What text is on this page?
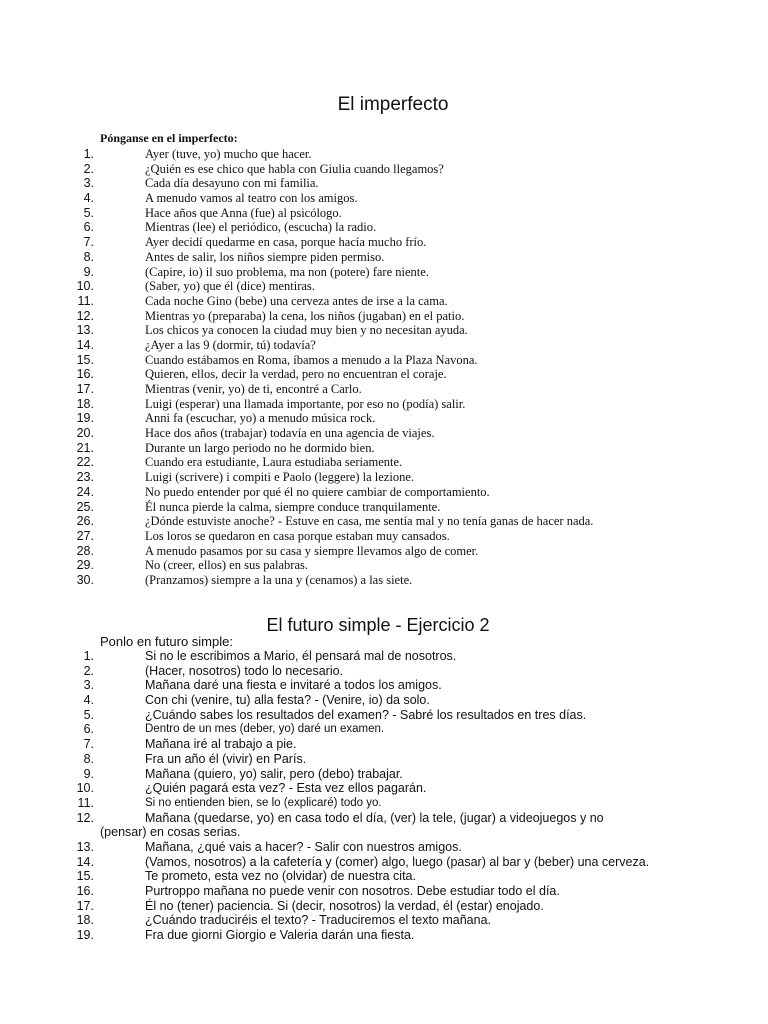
El imperfecto
Pónganse en el imperfecto:
1.	Ayer (tuve, yo) mucho que hacer.
2.	¿Quién es ese chico que habla con Giulia cuando llegamos?
3.	Cada día desayuno con mi familia.
4.	A menudo vamos al teatro con los amigos.
5.	Hace años que Anna (fue) al psicólogo.
6.	Mientras (lee) el periódico, (escucha) la radio.
7.	Ayer decidí quedarme en casa, porque hacía mucho frío.
8.	Antes de salir, los niños siempre piden permiso.
9.	(Capire, io) il suo problema, ma non (potere) fare niente.
10.	(Saber, yo) que él (dice) mentiras.
11.	Cada noche Gino (bebe) una cerveza antes de irse a la cama.
12.	Mientras yo (preparaba) la cena, los niños (jugaban) en el patio.
13.	Los chicos ya conocen la ciudad muy bien y no necesitan ayuda.
14.	¿Ayer a las 9 (dormir, tú) todavía?
15.	Cuando estábamos en Roma, íbamos a menudo a la Plaza Navona.
16.	Quieren, ellos, decir la verdad, pero no encuentran el coraje.
17.	Mientras (venir, yo) de ti, encontré a Carlo.
18.	Luigi (esperar) una llamada importante, por eso no (podía) salir.
19.	Anni fa (escuchar, yo) a menudo música rock.
20.	Hace dos años (trabajar) todavía en una agencia de viajes.
21.	Durante un largo periodo no he dormido bien.
22.	Cuando era estudiante, Laura estudiaba seriamente.
23.	Luigi (scrivere) i compiti e Paolo (leggere) la lezione.
24.	No puedo entender por qué él no quiere cambiar de comportamiento.
25.	Él nunca pierde la calma, siempre conduce tranquilamente.
26.	¿Dónde estuviste anoche? - Estuve en casa, me sentía mal y no tenía ganas de hacer nada.
27.	Los loros se quedaron en casa porque estaban muy cansados.
28.	A menudo pasamos por su casa y siempre llevamos algo de comer.
29.	No (creer, ellos) en sus palabras.
30.	(Pranzamos) siempre a la una y (cenamos) a las siete.
El futuro simple - Ejercicio 2
Ponlo en futuro simple:
1.	Si no le escribimos a Mario, él pensará mal de nosotros.
2.	(Hacer, nosotros) todo lo necesario.
3.	Mañana daré una fiesta e invitaré a todos los amigos.
4.	Con chi (venire, tu) alla festa? - (Venire, io) da solo.
5.	¿Cuándo sabes los resultados del examen? - Sabré los resultados en tres días.
6.	Dentro de un mes (deber, yo) daré un examen.
7.	Mañana iré al trabajo a pie.
8.	Fra un año él (vivir) en París.
9.	Mañana (quiero, yo) salir, pero (debo) trabajar.
10.	¿Quién pagará esta vez? - Esta vez ellos pagarán.
11.	Si no entienden bien, se lo (explicaré) todo yo.
12.	Mañana (quedarse, yo) en casa todo el día, (ver) la tele, (jugar) a videojuegos y no
(pensar) en cosas serias.
13.	Mañana, ¿qué vais a hacer? - Salir con nuestros amigos.
14.	(Vamos, nosotros) a la cafetería y (comer) algo, luego (pasar) al bar y (beber) una cerveza.
15.	Te prometo, esta vez no (olvidar) de nuestra cita.
16.	Purtroppo mañana no puede venir con nosotros. Debe estudiar todo el día.
17.	Él no (tener) paciencia. Si (decir, nosotros) la verdad, él (estar) enojado.
18.	¿Cuándo traduciréis el texto? - Traduciremos el texto mañana.
19.	Fra due giorni Giorgio e Valeria darán una fiesta.
